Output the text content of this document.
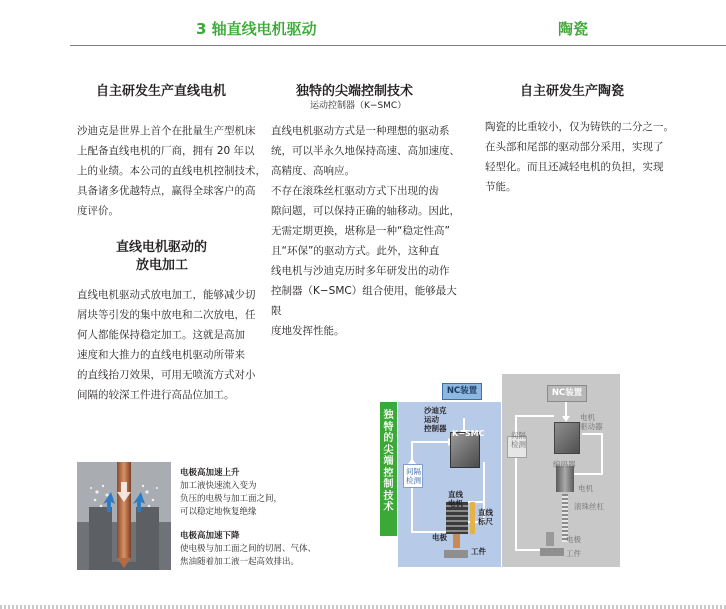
3 轴直线电机驱动	陶瓷
自主研发生产直线电机

沙迪克是世界上首个在批量生产型机床

上配备直线电机的厂商，拥有 20 年以

上的业绩。本公司的直线电机控制技术，

具备诸多优越特点，赢得全球客户的高

度评价。

直线电机驱动的
放电加工

直线电机驱动式放电加工，能够减少切

屑块等引发的集中放电和二次放电，任

何人都能保持稳定加工。这就是高加

速度和大推力的直线电机驱动所带来

的直线抬刀效果，可用无喷流方式对小

间隔的较深工件进行高品位加工。

独特的尖端控制技术
运动控制器（K−SMC）

直线电机驱动方式是一种理想的驱动系

统，可以半永久地保持高速、高加速度、

高精度、高响应。

不存在滚珠丝杠驱动方式下出现的齿

隙问题，可以保持正确的轴移动。因此，

无需定期更换，堪称是一种“稳定性高”

且“环保”的驱动方式。此外，这种直

线电机与沙迪克历时多年研发出的动作

控制器（K−SMC）组合使用，能够最大限

度地发挥性能。

自主研发生产陶瓷

陶瓷的比重较小，仅为铸铁的二分之一。

在头部和尾部的驱动部分采用，实现了

轻型化。而且还减轻电机的负担，实现

节能。

电极高加速上升
加工液快速流入变为
负压的电极与加工面之间，
可以稳定地恢复绝缘
电极高加速下降
使电极与加工面之间的切屑、气体、
焦油随着加工液一起高效排出。
独特的尖端控制技术
NC装置
沙迪克
运动
控制器
K−SMC
间隔
检测
直线
电机
直线
标尺
电极
工件
NC装置
间隔
检测
电机
驱动器
编码器
电机
滚珠丝杠
电极
工件
